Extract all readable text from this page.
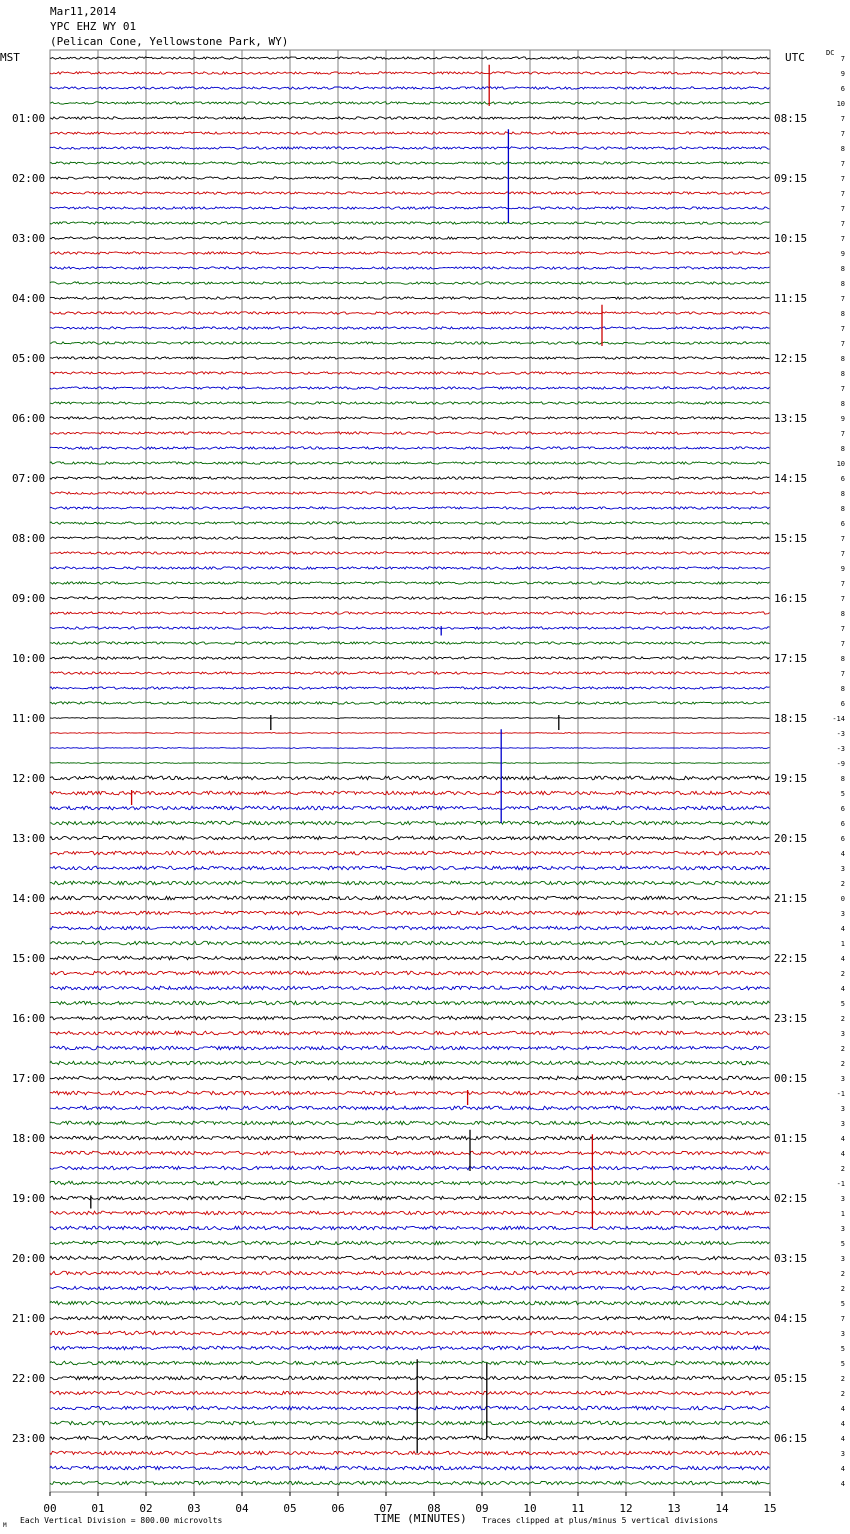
Mar11,2014
YPC EHZ WY 01
(Pelican Cone, Yellowstone Park, WY)
01:00
02:00
03:00
04:00
05:00
06:00
07:00
08:00
09:00
10:00
11:00
12:00
13:00
14:00
15:00
16:00
17:00
18:00
19:00
20:00
21:00
22:00
23:00
08:15
09:15
10:15
11:15
12:15
13:15
14:15
15:15
16:15
17:15
18:15
19:15
20:15
21:15
22:15
23:15
00:15
01:15
02:15
03:15
04:15
05:15
06:15
7
9
6
10
7
7
8
7
7
7
7
7
7
9
8
8
7
8
7
7
8
8
7
8
9
7
8
10
6
8
8
6
7
7
9
7
7
8
7
7
8
7
8
6
-14
-3
-3
-9
8
5
6
6
6
4
3
2
0
3
4
1
4
2
4
5
2
3
2
2
3
-1
3
3
4
4
2
-1
3
1
3
5
3
2
2
5
7
3
5
5
2
2
4
4
4
3
4
4
00	01	02	03	04	05	06	07	08	09	10	11	12	13	14	15
MST	UTC	DC
M
Each Vertical Division = 800.00 microvolts	TIME (MINUTES) Traces clipped at plus/minus 5 vertical divisions
